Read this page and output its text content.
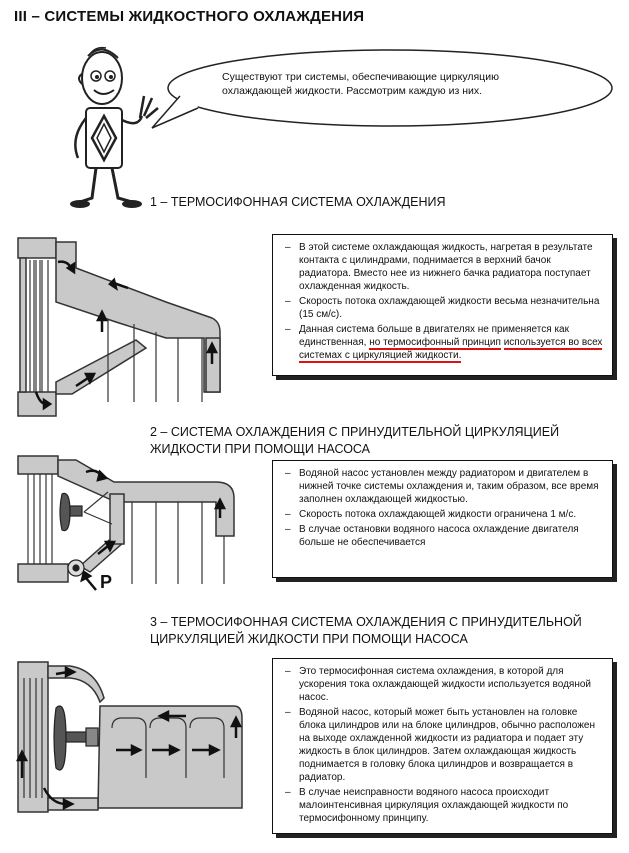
III – СИСТЕМЫ ЖИДКОСТНОГО ОХЛАЖДЕНИЯ
Существуют три системы, обеспечивающие циркуляцию
охлаждающей жидкости. Рассмотрим каждую из них.
1 – ТЕРМОСИФОННАЯ СИСТЕМА ОХЛАЖДЕНИЯ
– В этой системе охлаждающая жидкость, нагретая в результате контакта с цилиндрами, поднимается в верхний бачок радиатора. Вместо нее из нижнего бачка радиатора поступает охлажденная жидкость.
– Скорость потока охлаждающей жидкости весьма незначительна (15 см/с).
– Данная система больше в двигателях не применяется как единственная, но термосифонный принцип используется во всех системах с циркуляцией жидкости.
2 – СИСТЕМА ОХЛАЖДЕНИЯ С ПРИНУДИТЕЛЬНОЙ ЦИРКУЛЯЦИЕЙ
ЖИДКОСТИ ПРИ ПОМОЩИ НАСОСА
P
– Водяной насос установлен между радиатором и двигателем в нижней точке системы охлаждения и, таким образом, все время заполнен охлаждающей жидкостью.
– Скорость потока охлаждающей жидкости ограничена 1 м/с.
– В случае остановки водяного насоса охлаждение двигателя больше не обеспечивается
3 – ТЕРМОСИФОННАЯ СИСТЕМА ОХЛАЖДЕНИЯ С ПРИНУДИТЕЛЬНОЙ
ЦИРКУЛЯЦИЕЙ ЖИДКОСТИ ПРИ ПОМОЩИ НАСОСА
– Это термосифонная система охлаждения, в которой для ускорения тока охлаждающей жидкости используется водяной насос.
– Водяной насос, который может быть установлен на головке блока цилиндров или на блоке цилиндров, обычно расположен на выходе охлажденной жидкости из радиатора и подает эту жидкость в блок цилиндров. Затем охлаждающая жидкость поднимается в головку блока цилиндров и возвращается в радиатор.
– В случае неисправности водяного насоса происходит малоинтенсивная циркуляция охлаждающей жидкости по термосифонному принципу.
